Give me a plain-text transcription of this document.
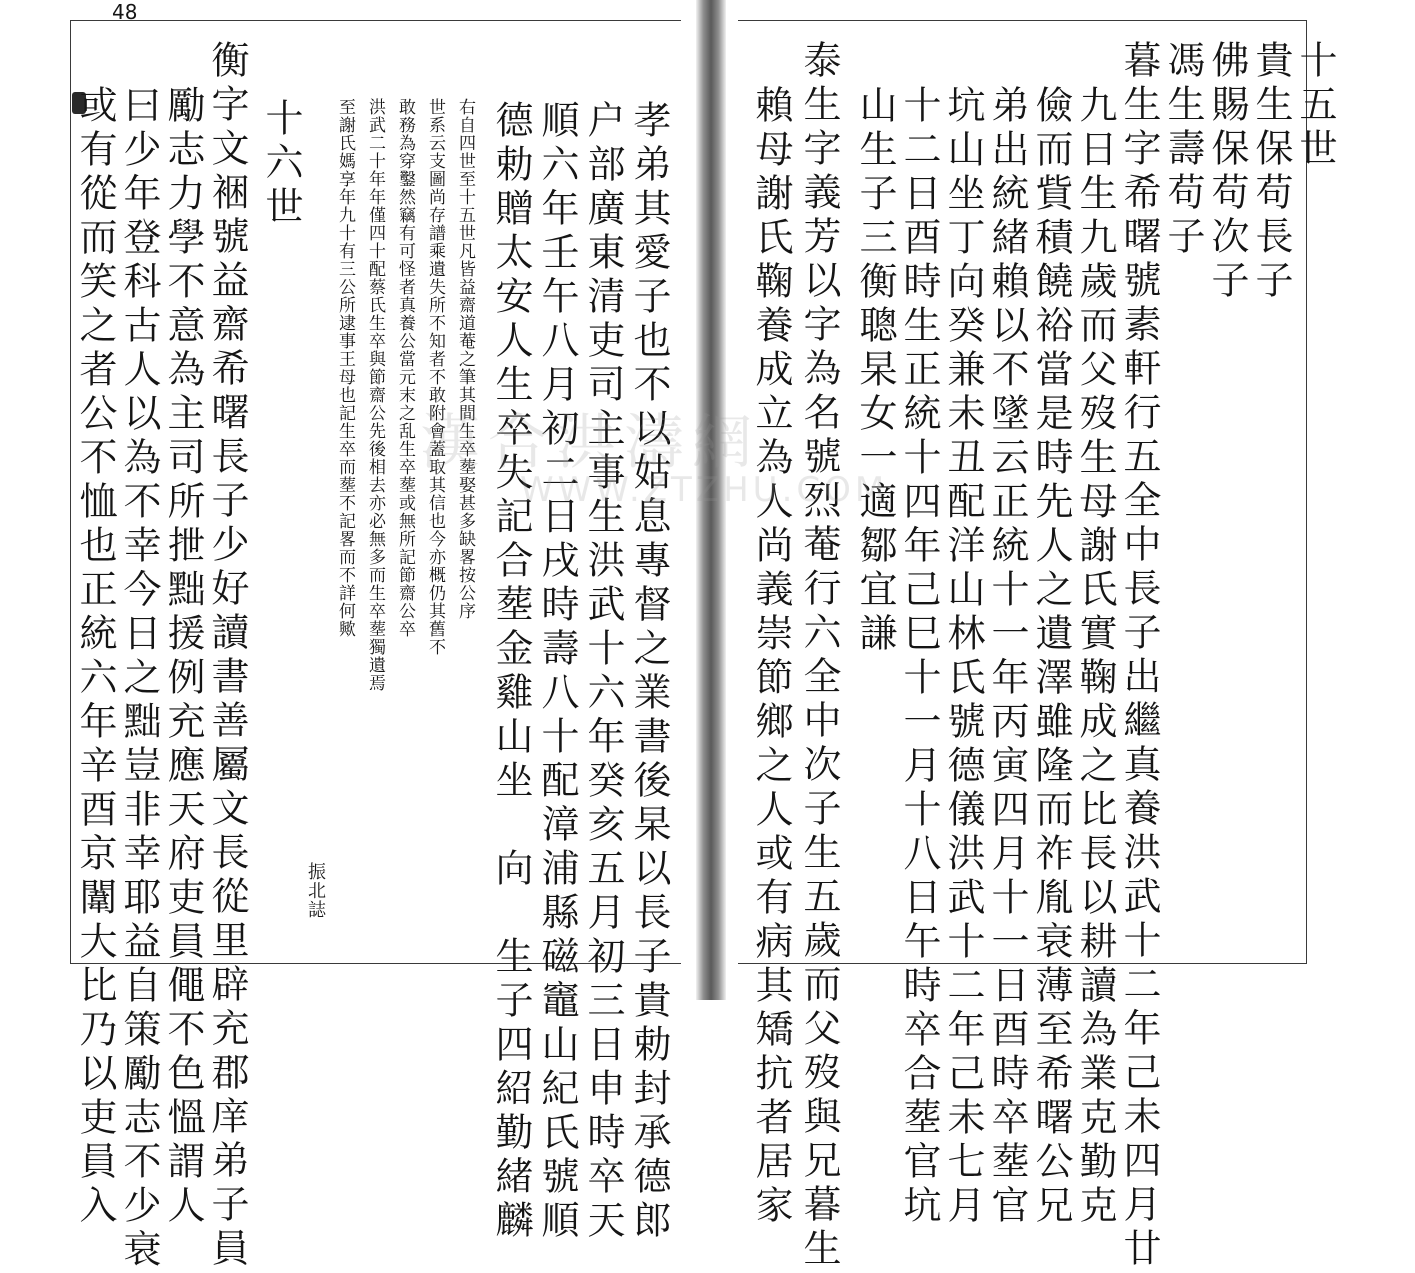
48
十五世
貴生保苟長子
佛賜保苟次子
馮生壽苟子
暮生字希曙號素軒行五全中長子出繼真養洪武十二年己未四月廿
九日生九歲而父歿生母謝氏實鞠成之比長以耕讀為業克勤克
儉而貲積饒裕當是時先人之遺澤雖隆而祚胤衰薄至希曙公兄
弟出統緒賴以不墜云正統十一年丙寅四月十一日酉時卒塟官
坑山坐丁向癸兼未丑配洋山林氏號德儀洪武十二年己未七月
十二日酉時生正統十四年己巳十一月十八日午時卒合塟官坑
山生子三衡聰杲女一適鄒宜謙
泰生字義芳以字為名號烈菴行六全中次子生五歲而父歿與兄暮生
賴母謝氏鞠養成立為人尚義崇節鄉之人或有病其矯抗者居家
孝弟其愛子也不以姑息專督之業書後杲以長子貴勅封承德郎
户部廣東清吏司主事生洪武十六年癸亥五月初三日申時卒天
順六年壬午八月初二日戌時壽八十配漳浦縣磁竈山紀氏號順
德勅贈太安人生卒失記合塟金雞山坐　向　生子四紹勤緒麟
右自四世至十五世凡皆益齋道菴之筆其間生卒塟娶甚多缺畧按公序
世系云支圖尚存譜乘遺失所不知者不敢附會蓋取其信也今亦概仍其舊不
敢務為穿鑿然竊有可怪者真養公當元末之乱生卒塟或無所記節齋公卒
洪武二十年年僅四十配蔡氏生卒與節齋公先後相去亦必無多而生卒塟獨遺焉
至謝氏媽享年九十有三公所逮事王母也記生卒而塟不記畧而不詳何歟
振北誌
十六世
衡字文裍號益齋希曙長子少好讀書善屬文長從里辟充郡庠弟子員
勵志力學不意為主司所抴黜援例充應天府吏員僶不色慍謂人
曰少年登科古人以為不幸今日之黜豈非幸耶益自策勵志不少衰
或有從而笑之者公不恤也正統六年辛酉京闈大比乃以吏員入	漢合洪濤網
WWW.ZTZHU.COM
